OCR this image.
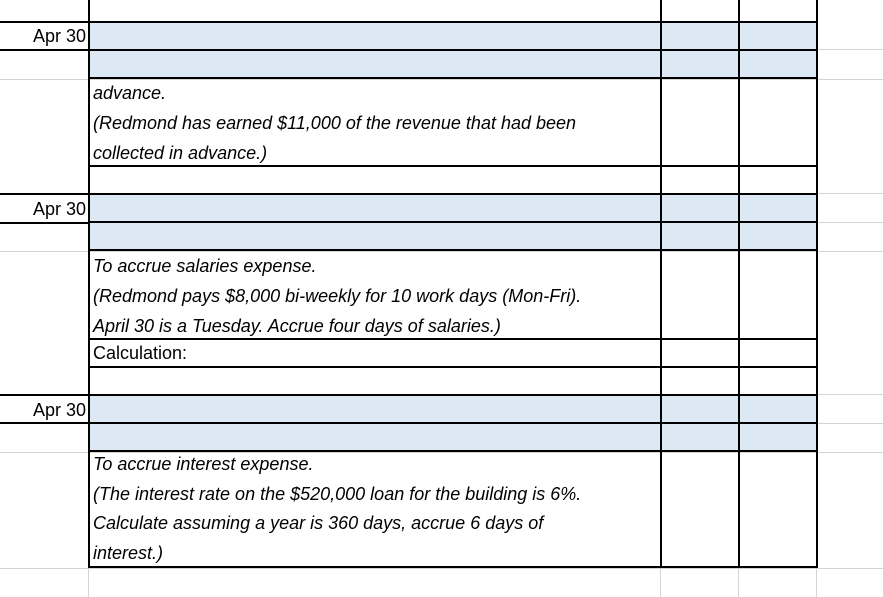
Apr 30
advance.
(Redmond has earned $11,000 of the revenue that had been
collected in advance.)
Apr 30
To accrue salaries expense.
(Redmond pays $8,000 bi-weekly for 10 work days (Mon-Fri).
April 30 is a Tuesday. Accrue four days of salaries.)
Calculation:
Apr 30
To accrue interest expense.
(The interest rate on the $520,000 loan for the building is 6%.
Calculate assuming a year is 360 days, accrue 6 days of
interest.)
